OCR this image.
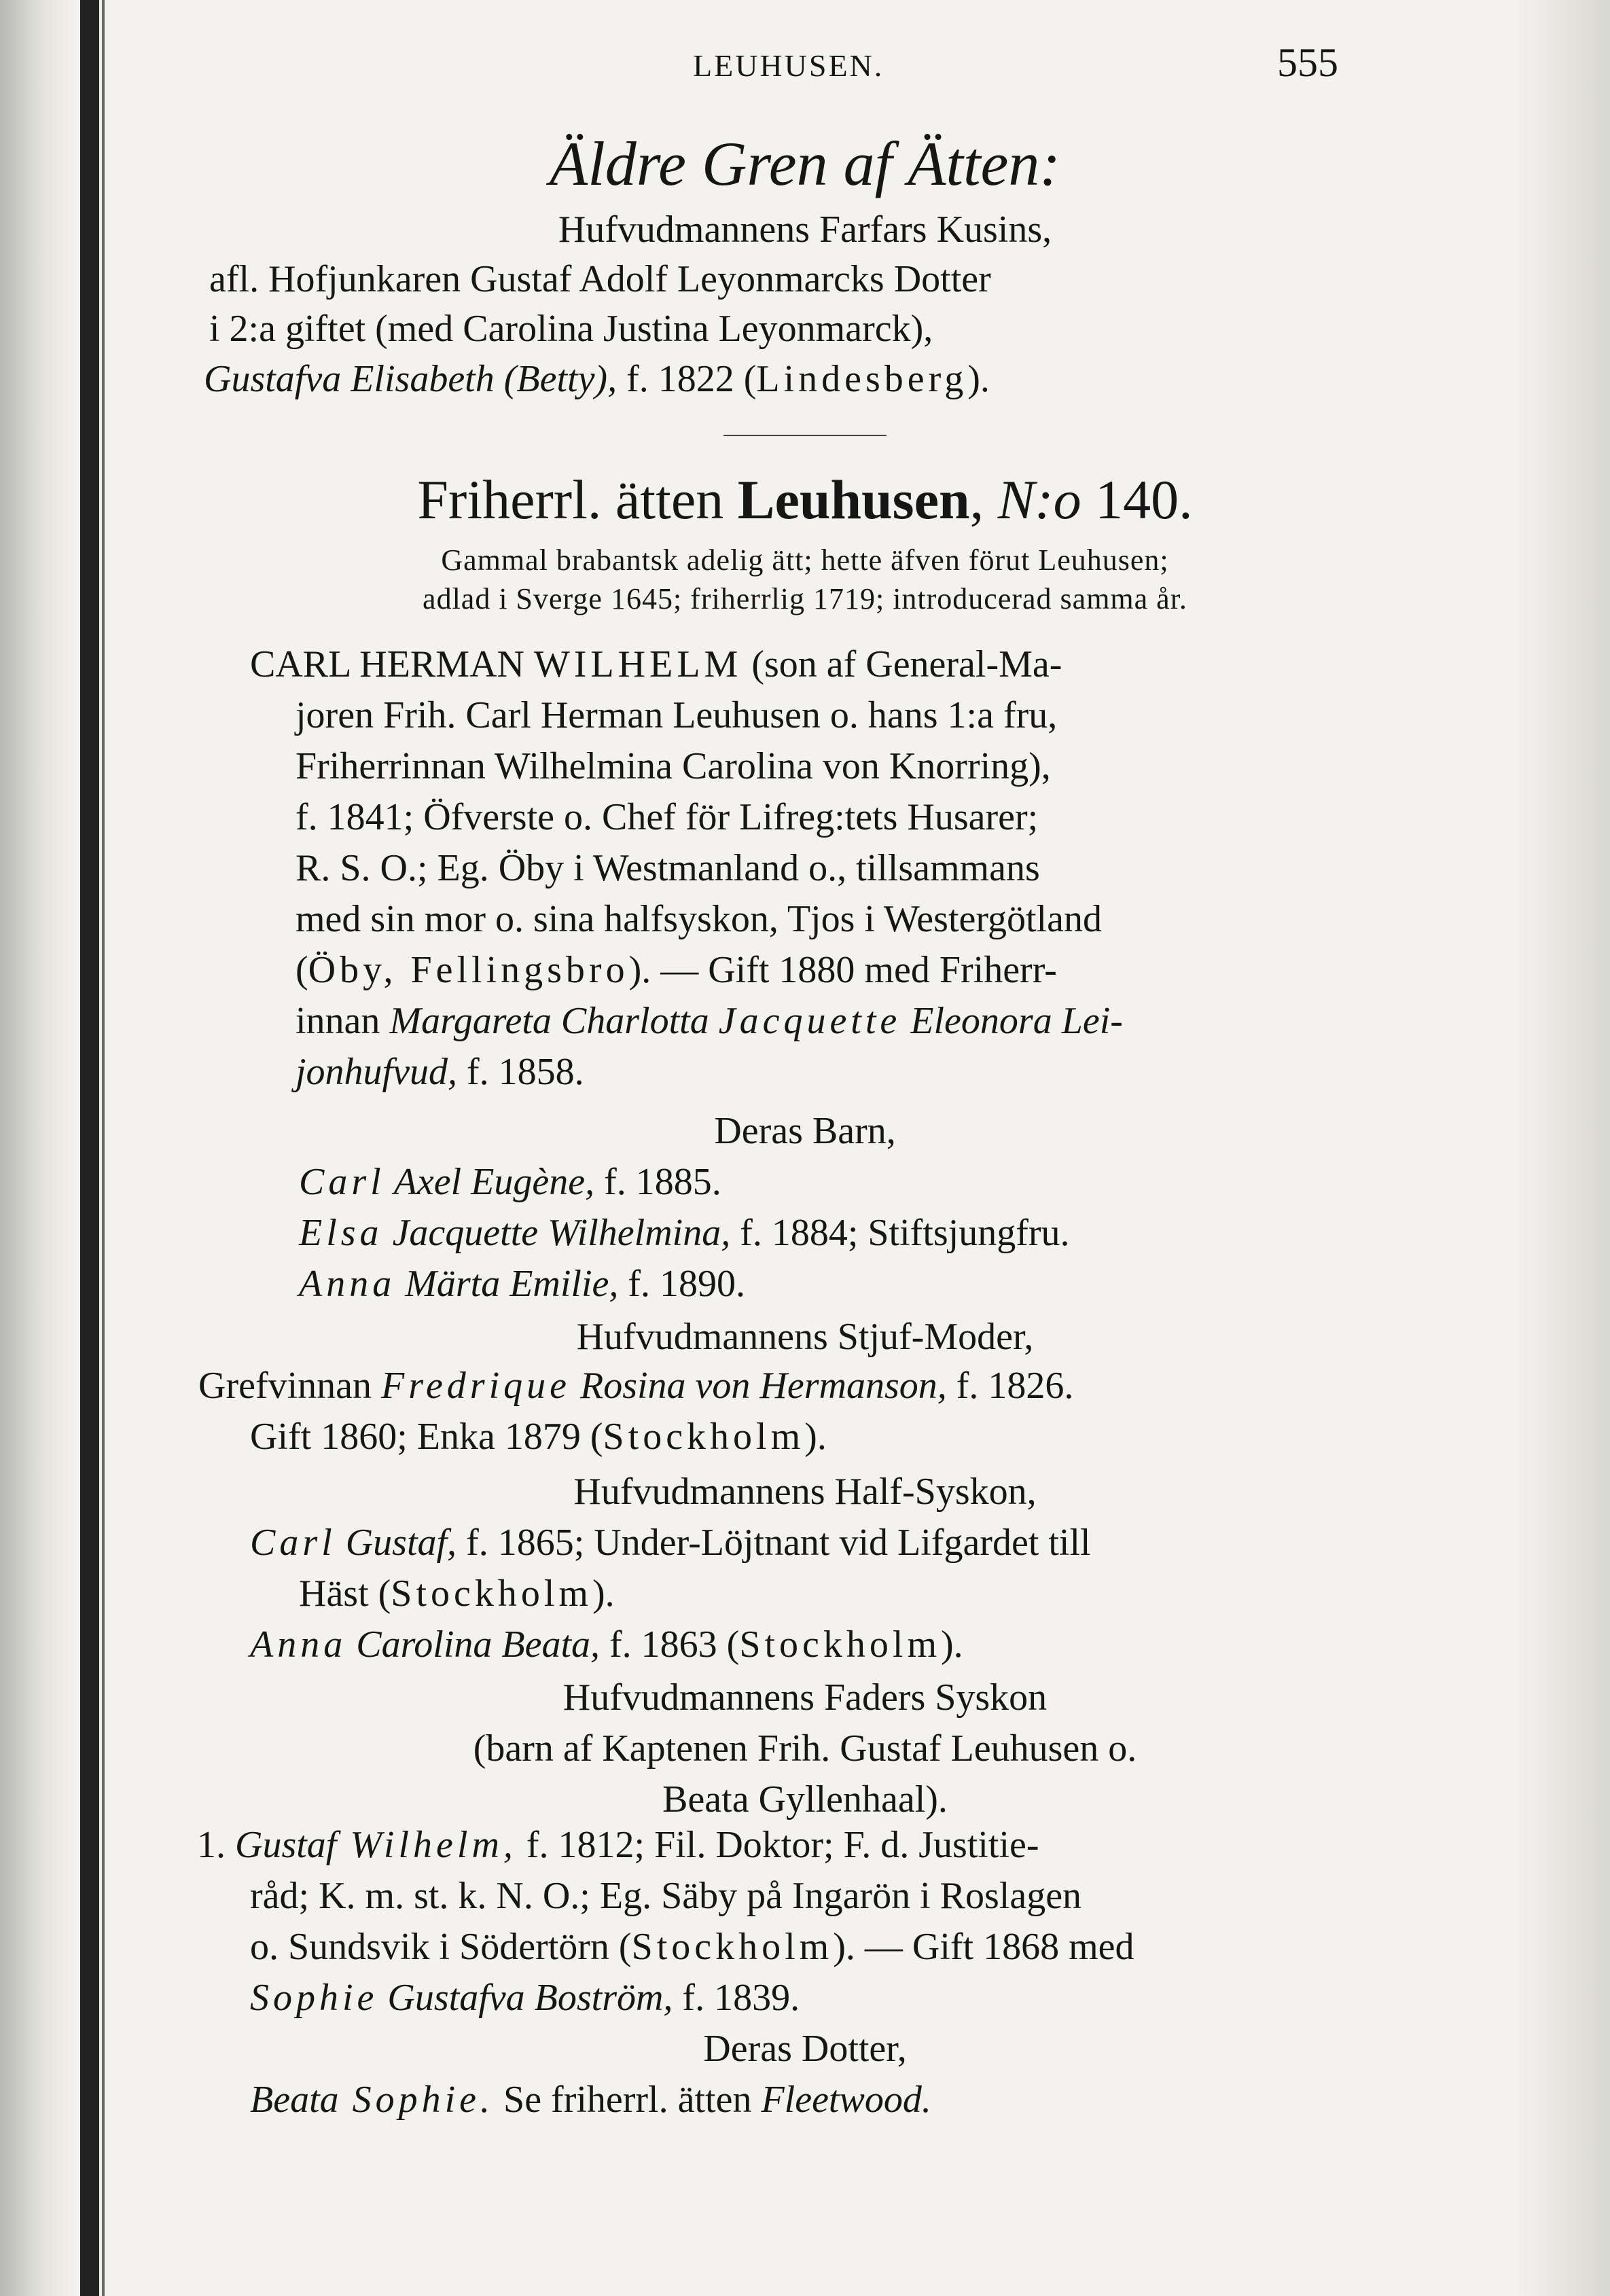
LEUHUSEN.	555
Äldre Gren af Ätten:
Hufvudmannens Farfars Kusins,
afl. Hofjunkaren Gustaf Adolf Leyonmarcks Dotter
i 2:a giftet (med Carolina Justina Leyonmarck),
Gustafva Elisabeth (Betty), f. 1822 (Lindesberg).
Friherrl. ätten Leuhusen, N:o 140.
Gammal brabantsk adelig ätt; hette äfven förut Leuhusen;
adlad i Sverge 1645; friherrlig 1719; introducerad samma år.
CARL HERMAN WILHELM (son af General-Ma-
joren Frih. Carl Herman Leuhusen o. hans 1:a fru,
Friherrinnan Wilhelmina Carolina von Knorring),
f. 1841; Öfverste o. Chef för Lifreg:tets Husarer;
R. S. O.; Eg. Öby i Westmanland o., tillsammans
med sin mor o. sina halfsyskon, Tjos i Westergötland
(Öby, Fellingsbro). — Gift 1880 med Friherr-
innan Margareta Charlotta Jacquette Eleonora Lei-
jonhufvud, f. 1858.
Deras Barn,
Carl Axel Eugène, f. 1885.
Elsa Jacquette Wilhelmina, f. 1884; Stiftsjungfru.
Anna Märta Emilie, f. 1890.
Hufvudmannens Stjuf-Moder,
Grefvinnan Fredrique Rosina von Hermanson, f. 1826.
Gift 1860; Enka 1879 (Stockholm).
Hufvudmannens Half-Syskon,
Carl Gustaf, f. 1865; Under-Löjtnant vid Lifgardet till
Häst (Stockholm).
Anna Carolina Beata, f. 1863 (Stockholm).
Hufvudmannens Faders Syskon
(barn af Kaptenen Frih. Gustaf Leuhusen o.
Beata Gyllenhaal).
1. Gustaf Wilhelm, f. 1812; Fil. Doktor; F. d. Justitie-
råd; K. m. st. k. N. O.; Eg. Säby på Ingarön i Roslagen
o. Sundsvik i Södertörn (Stockholm). — Gift 1868 med
Sophie Gustafva Boström, f. 1839.
Deras Dotter,
Beata Sophie. Se friherrl. ätten Fleetwood.
